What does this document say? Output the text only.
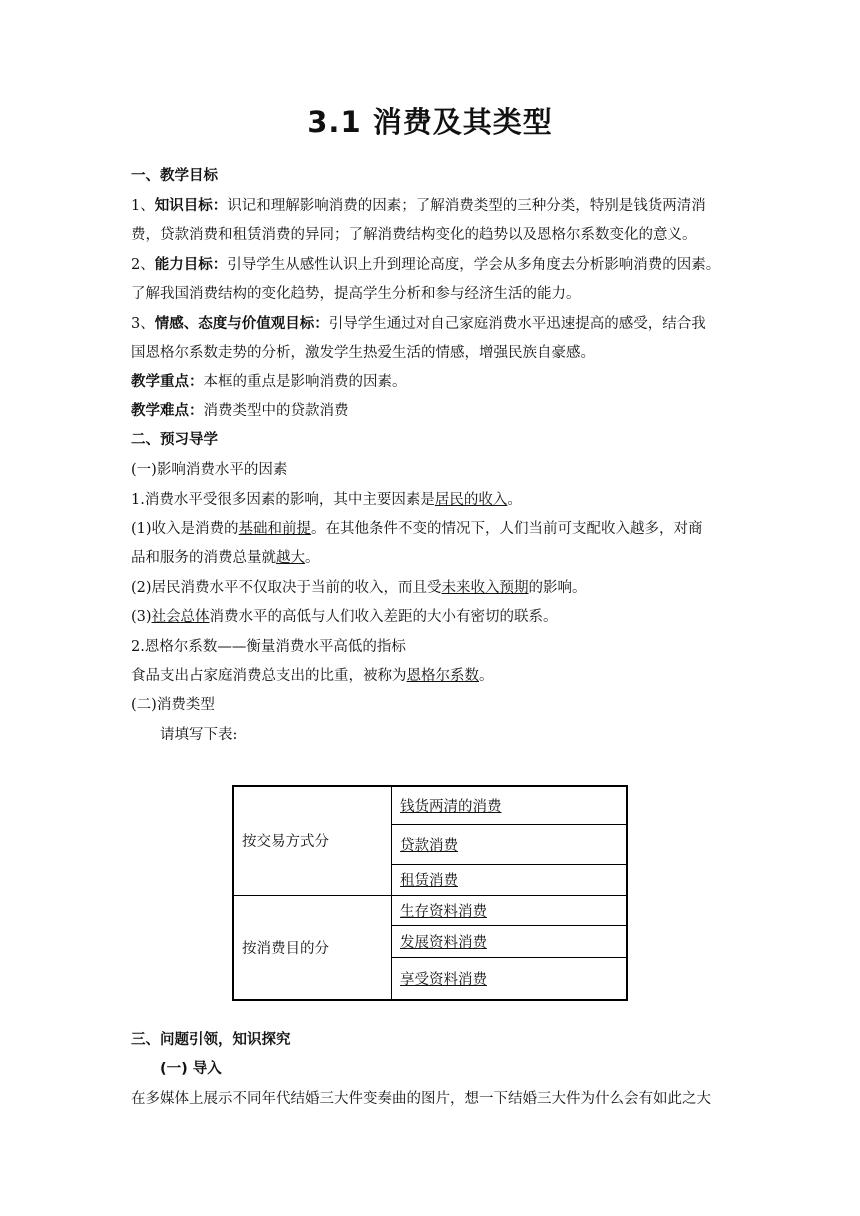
3.1 消费及其类型
一、教学目标
1、知识目标：识记和理解影响消费的因素；了解消费类型的三种分类，特别是钱货两清消
费，贷款消费和租赁消费的异同；了解消费结构变化的趋势以及恩格尔系数变化的意义。
2、能力目标：引导学生从感性认识上升到理论高度，学会从多角度去分析影响消费的因素。
了解我国消费结构的变化趋势，提高学生分析和参与经济生活的能力。
3、情感、态度与价值观目标：引导学生通过对自己家庭消费水平迅速提高的感受，结合我
国恩格尔系数走势的分析，激发学生热爱生活的情感，增强民族自豪感。
教学重点：本框的重点是影响消费的因素。
教学难点：消费类型中的贷款消费
二、预习导学
(一)影响消费水平的因素
1.消费水平受很多因素的影响，其中主要因素是居民的收入。
(1)收入是消费的基础和前提。在其他条件不变的情况下，人们当前可支配收入越多，对商
品和服务的消费总量就越大。
(2)居民消费水平不仅取决于当前的收入，而且受未来收入预期的影响。
(3)社会总体消费水平的高低与人们收入差距的大小有密切的联系。
2.恩格尔系数——衡量消费水平高低的指标
食品支出占家庭消费总支出的比重，被称为恩格尔系数。
(二)消费类型
请填写下表:
按交易方式分	钱货两清的消费
	贷款消费
	租赁消费
按消费目的分	生存资料消费
	发展资料消费
	享受资料消费
三、问题引领，知识探究
(一) 导入
在多媒体上展示不同年代结婚三大件变奏曲的图片，想一下结婚三大件为什么会有如此之大
